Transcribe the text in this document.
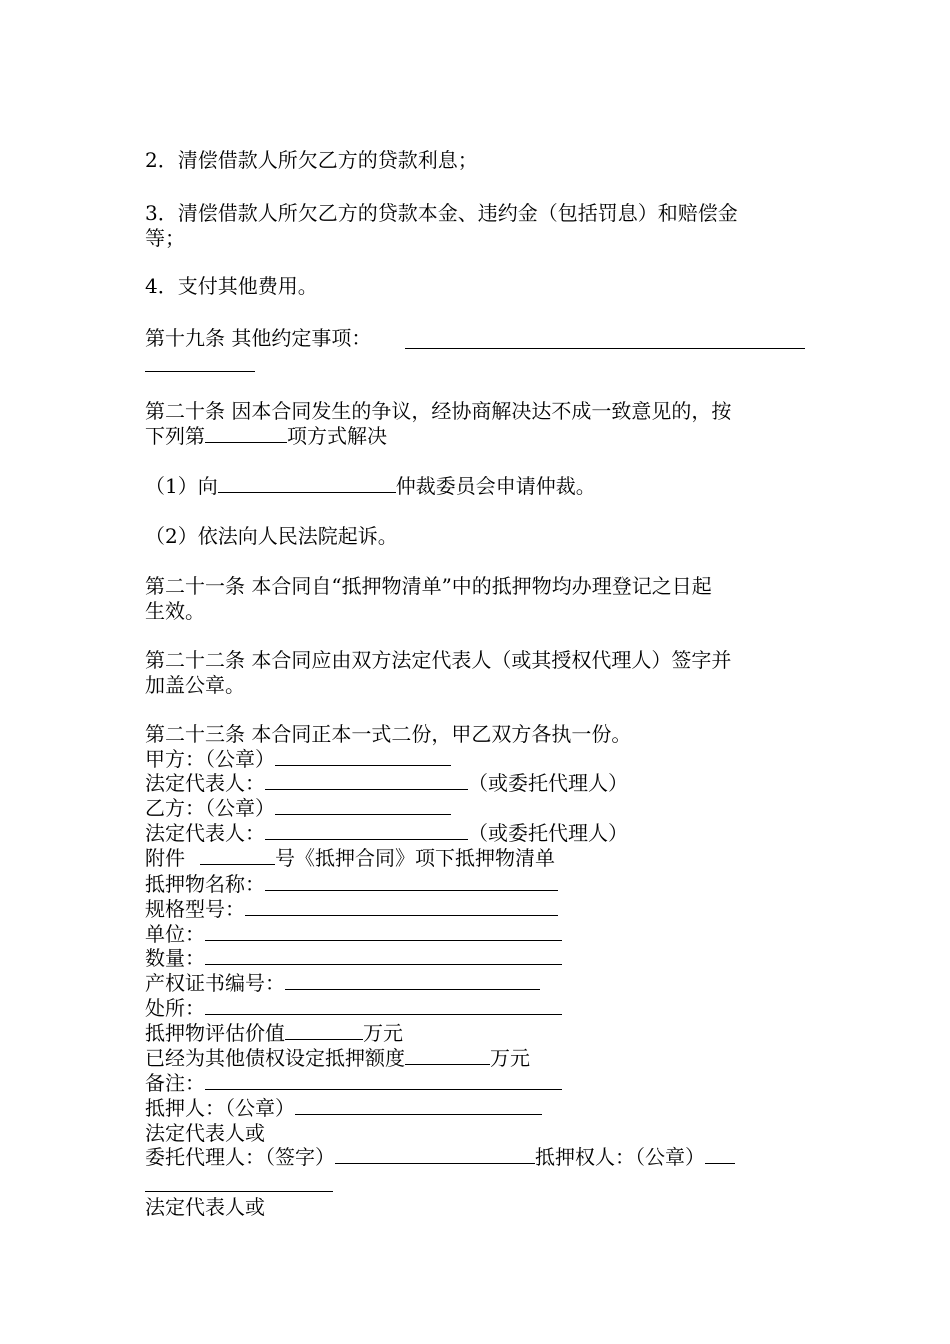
2．清偿借款人所欠乙方的贷款利息；

3．清偿借款人所欠乙方的贷款本金、违约金（包括罚息）和赔偿金

等；

4．支付其他费用。

第十九条 其他约定事项：

第二十条 因本合同发生的争议，经协商解决达不成一致意见的，按

下列第	项方式解决

（1）向	仲裁委员会申请仲裁。

（2）依法向人民法院起诉。

第二十一条 本合同自“抵押物清单”中的抵押物均办理登记之日起

生效。

第二十二条 本合同应由双方法定代表人（或其授权代理人）签字并

加盖公章。

第二十三条 本合同正本一式二份，甲乙双方各执一份。

甲方：（公章）

法定代表人：	（或委托代理人）

乙方：（公章）

法定代表人：	（或委托代理人）

附件	号《抵押合同》项下抵押物清单

抵押物名称：

规格型号：

单位：

数量：

产权证书编号：

处所：

抵押物评估价值	万元

已经为其他债权设定抵押额度	万元

备注：

抵押人：（公章）

法定代表人或

委托代理人：（签字）	抵押权人：（公章）

法定代表人或
